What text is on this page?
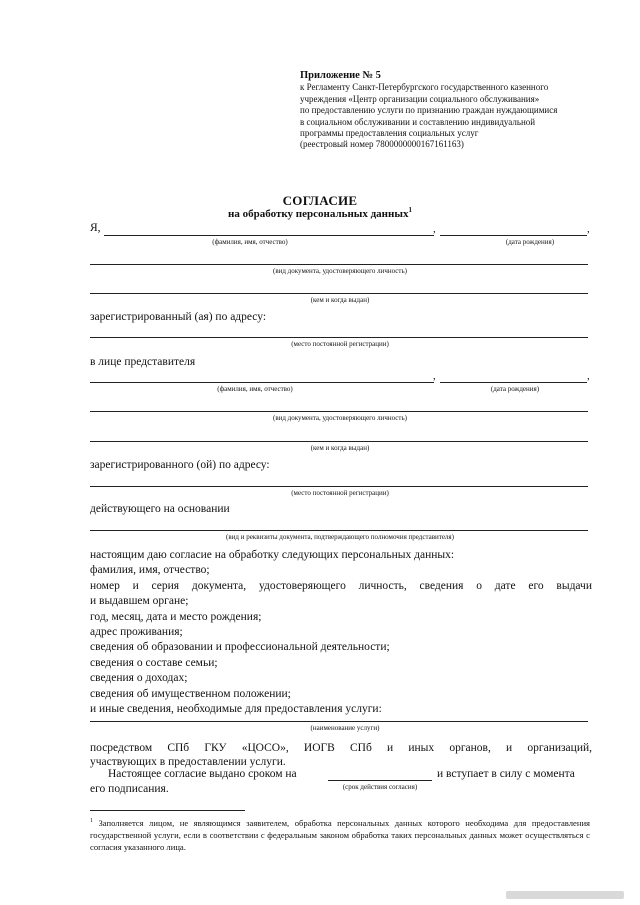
Приложение № 5
к Регламенту Санкт-Петербургского государственного казенного
учреждения «Центр организации социального обслуживания»
по предоставлению услуги по признанию граждан нуждающимися
в социальном обслуживании и составлению индивидуальной
программы предоставления социальных услуг
(реестровый номер 7800000000167161163)
СОГЛАСИЕ
на обработку персональных данных$^1$
Я,	,	,
(фамилия, имя, отчество)	(дата рождения)
(вид документа, удостоверяющего личность)
(кем и когда выдан)
зарегистрированный (ая) по адресу:
(место постоянной регистрации)
в лице представителя
,	,
(фамилия, имя, отчество)	(дата рождения)
(вид документа, удостоверяющего личность)
(кем и когда выдан)
зарегистрированного (ой) по адресу:
(место постоянной регистрации)
действующего на основании
(вид и реквизиты документа, подтверждающего полномочия представителя)
настоящим даю согласие на обработку следующих персональных данных:
фамилия, имя, отчество;
номер и серия документа, удостоверяющего личность, сведения о дате его выдачи
и выдавшем органе;
год, месяц, дата и место рождения;
адрес проживания;
сведения об образовании и профессиональной деятельности;
сведения о составе семьи;
сведения о доходах;
сведения об имущественном положении;
и иные сведения, необходимые для предоставления услуги:
(наименование услуги)
посредством СПб ГКУ «ЦОСО», ИОГВ СПб и иных органов, и организаций,
участвующих в предоставлении услуги.
Настоящее согласие выдано сроком на	и вступает в силу с момента
его подписания.	(срок действия согласия)
$^1$ Заполняется лицом, не являющимся заявителем, обработка персональных данных которого необходима для предоставления государственной услуги, если в соответствии с федеральным законом обработка таких персональных данных может осуществляться с согласия указанного лица.
